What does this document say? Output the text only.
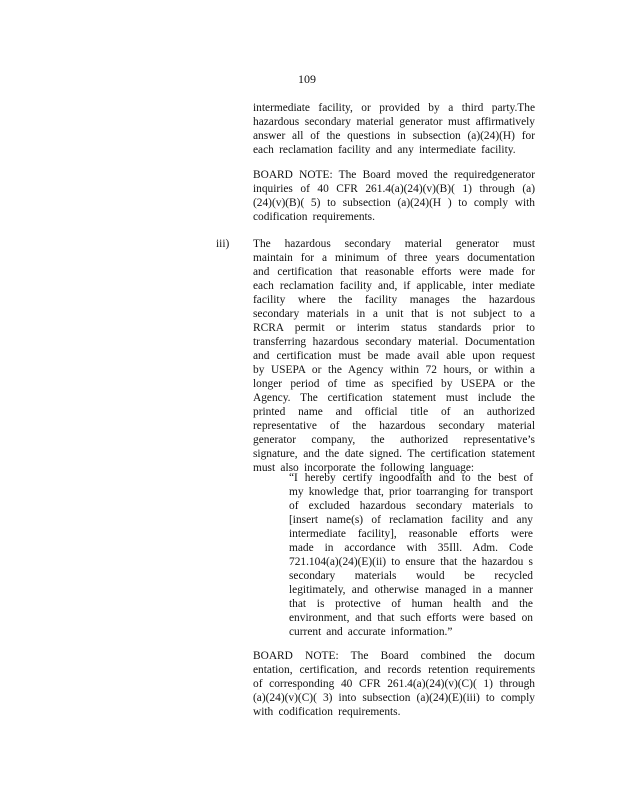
109

intermediate facility, or provided by a third party.The hazardous secondary material generator must affirmatively answer all of the questions in subsection (a)(24)(H) for each reclamation facility and any intermediate facility.

BOARD NOTE: The Board moved the requiredgenerator inquiries of 40 CFR 261.4(a)(24)(v)(B)( 1) through (a)(24)(v)(B)( 5) to subsection (a)(24)(H ) to comply with codification requirements.

iii) The hazardous secondary material generator must maintain for a minimum of three years documentation and certification that reasonable efforts were made for each reclamation facility and, if applicable, inter mediate facility where the facility manages the hazardous secondary materials in a unit that is not subject to a RCRA permit or interim status standards prior to transferring hazardous secondary material. Documentation and certification must be made avail able upon request by USEPA or the Agency within 72 hours, or within a longer period of time as specified by USEPA or the Agency. The certification statement must include the printed name and official title of an authorized representative of the hazardous secondary material generator company, the authorized representative’s signature, and the date signed. The certification statement must also incorporate the following language:

“I hereby certify ingoodfaith and to the best of my knowledge that, prior toarranging for transport of excluded hazardous secondary materials to [insert name(s) of reclamation facility and any intermediate facility], reasonable efforts were made in accordance with 35Ill. Adm. Code 721.104(a)(24)(E)(ii) to ensure that the hazardou s secondary materials would be recycled legitimately, and otherwise managed in a manner that is protective of human health and the environment, and that such efforts were based on current and accurate information.”

BOARD NOTE: The Board combined the docum entation, certification, and records retention requirements of corresponding 40 CFR 261.4(a)(24)(v)(C)( 1) through (a)(24)(v)(C)( 3) into subsection (a)(24)(E)(iii) to comply with codification requirements.
